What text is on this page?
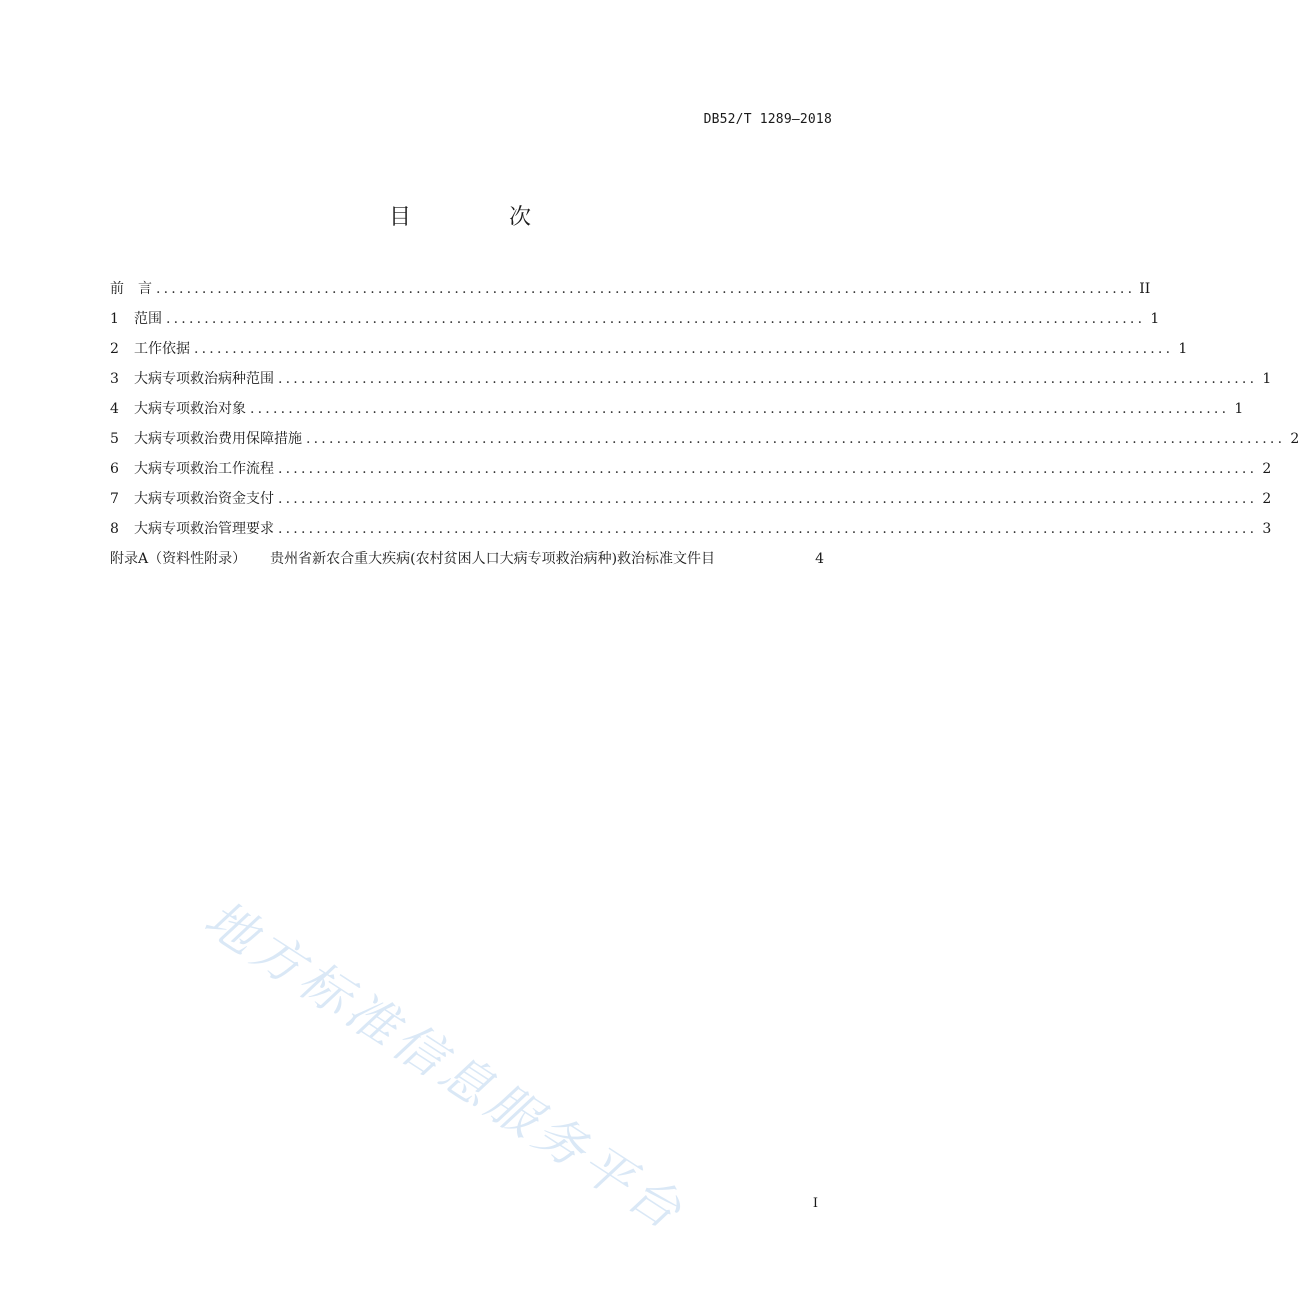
DB52/T 1289—2018
目　次
前　言 ................................................................................................................................ II
1	范围 ................................................................................................................................ 1
2	工作依据 ................................................................................................................................ 1
3	大病专项救治病种范围 ................................................................................................................................ 1
4	大病专项救治对象 ................................................................................................................................ 1
5	大病专项救治费用保障措施 ................................................................................................................................ 2
6	大病专项救治工作流程 ................................................................................................................................ 2
7	大病专项救治资金支付 ................................................................................................................................ 2
8	大病专项救治管理要求 ................................................................................................................................ 3
附录A（资料性附录） 贵州省新农合重大疾病(农村贫困人口大病专项救治病种)救治标准文件目	4
地方标准信息服务平台	I
